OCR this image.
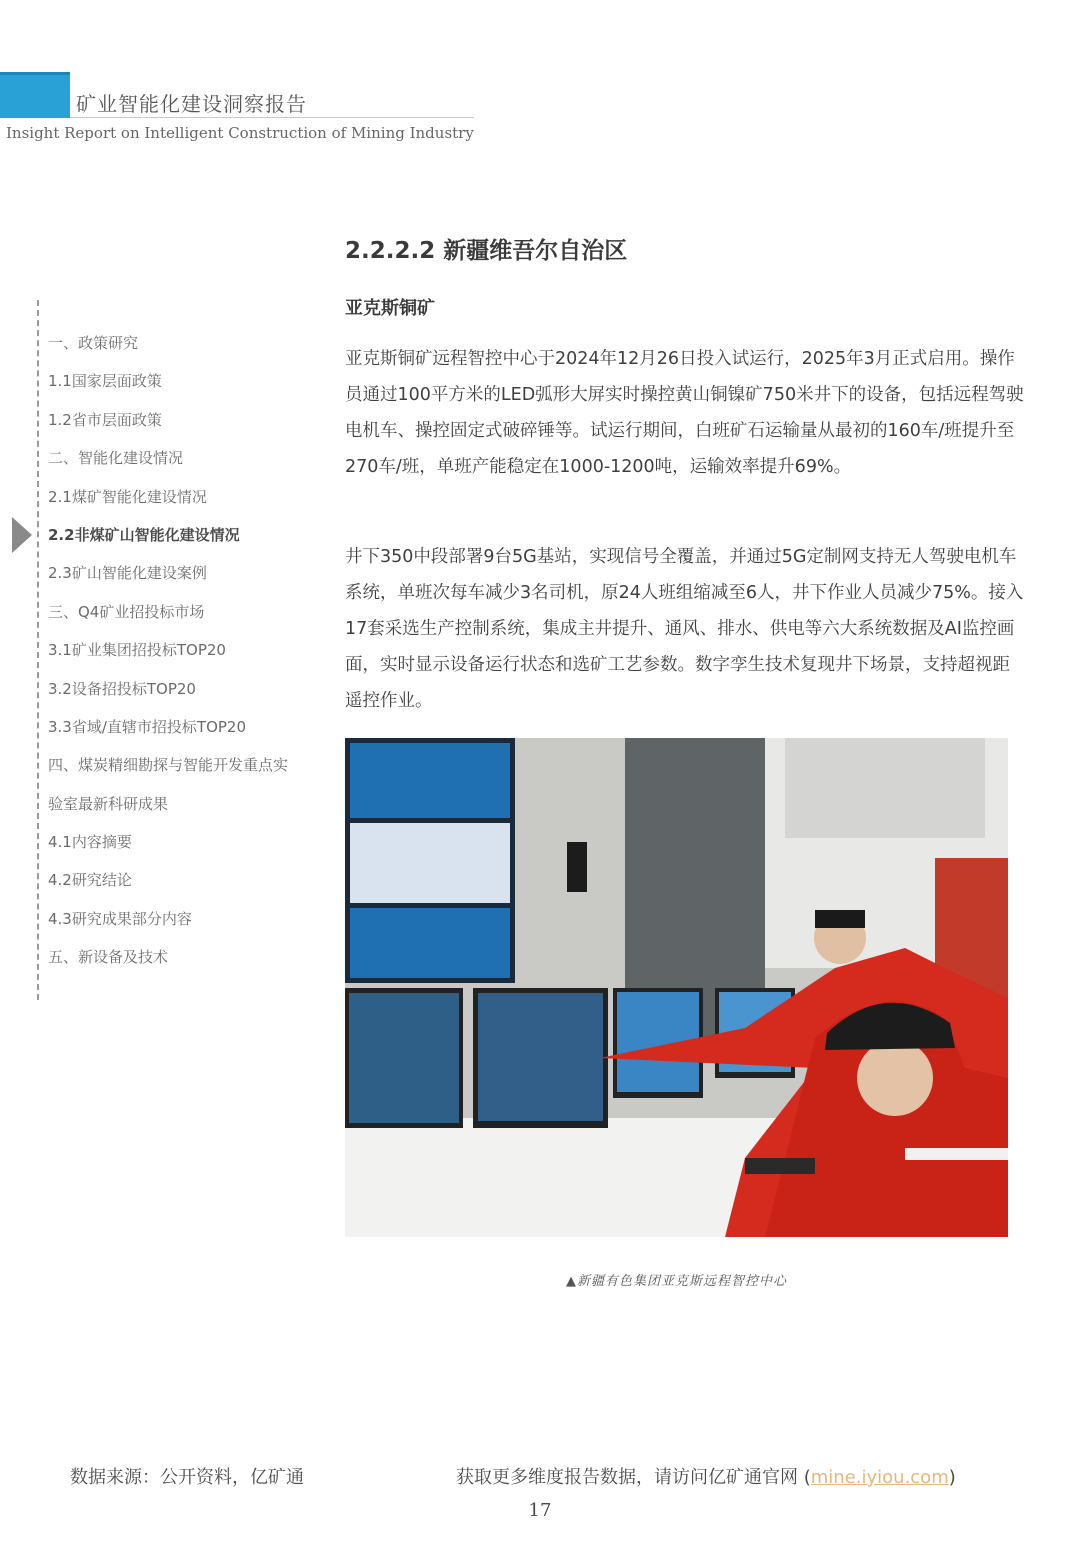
矿业智能化建设洞察报告
Insight Report on Intelligent Construction of Mining Industry
一、政策研究
1.1国家层面政策
1.2省市层面政策
二、智能化建设情况
2.1煤矿智能化建设情况
2.2非煤矿山智能化建设情况
2.3矿山智能化建设案例
三、Q4矿业招投标市场
3.1矿业集团招投标TOP20
3.2设备招投标TOP20
3.3省域/直辖市招投标TOP20
四、煤炭精细勘探与智能开发重点实
验室最新科研成果
4.1内容摘要
4.2研究结论
4.3研究成果部分内容
五、新设备及技术
2.2.2.2 新疆维吾尔自治区
亚克斯铜矿

亚克斯铜矿远程智控中心于2024年12月26日投入试运行，2025年3月正式启用。操作员通过100平方米的LED弧形大屏实时操控黄山铜镍矿750米井下的设备，包括远程驾驶电机车、操控固定式破碎锤等。试运行期间，白班矿石运输量从最初的160车/班提升至270车/班，单班产能稳定在1000-1200吨，运输效率提升69%。

井下350中段部署9台5G基站，实现信号全覆盖，并通过5G定制网支持无人驾驶电机车系统，单班次每车减少3名司机，原24人班组缩减至6人，井下作业人员减少75%。接入17套采选生产控制系统，集成主井提升、通风、排水、供电等六大系统数据及AI监控画面，实时显示设备运行状态和选矿工艺参数。数字孪生技术复现井下场景，支持超视距遥控作业。

▲新疆有色集团亚克斯远程智控中心
数据来源：公开资料，亿矿通	获取更多维度报告数据，请访问亿矿通官网 (mine.iyiou.com)
17
